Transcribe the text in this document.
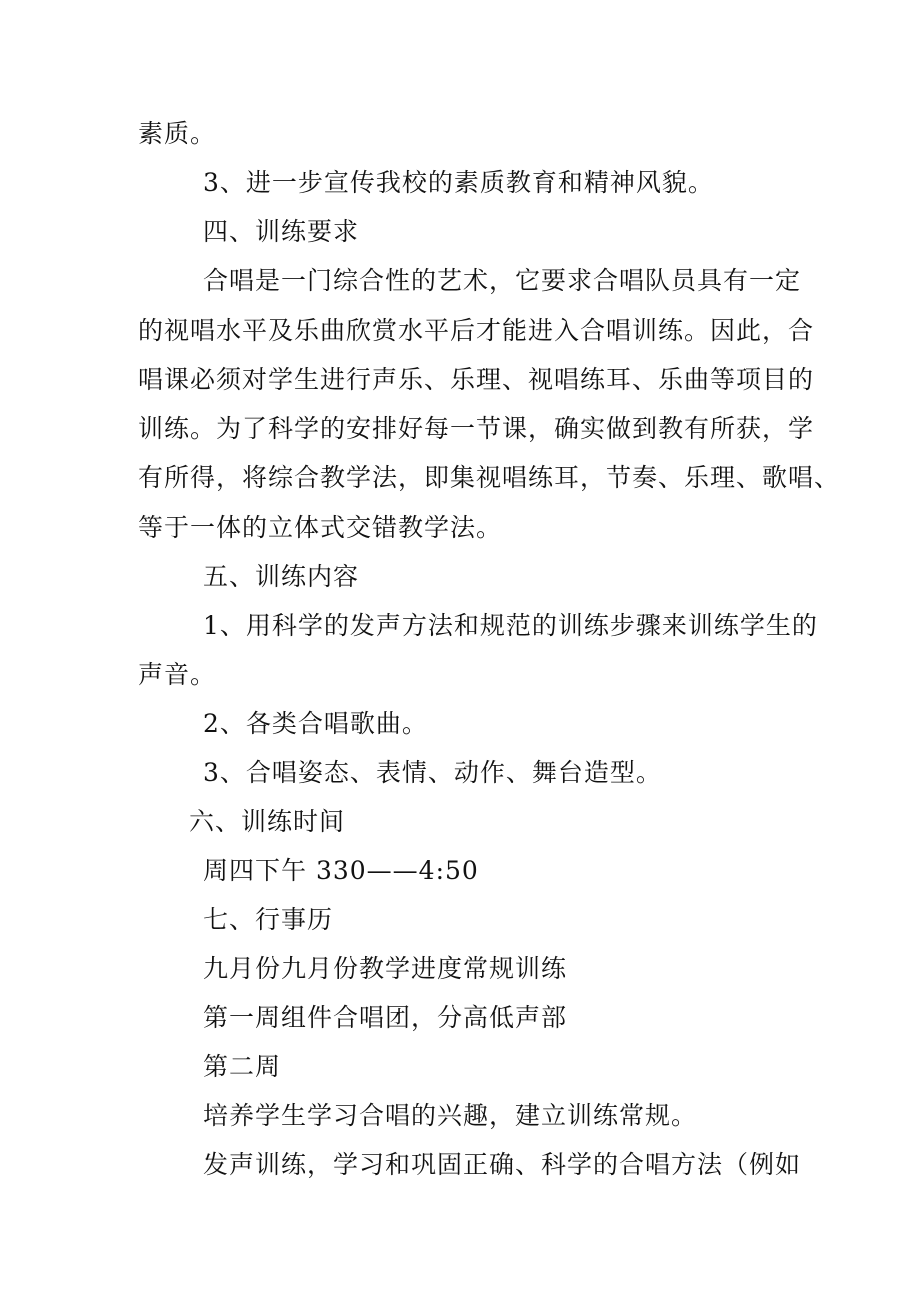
素质。
3、进一步宣传我校的素质教育和精神风貌。
四、训练要求
合唱是一门综合性的艺术，它要求合唱队员具有一定
的视唱水平及乐曲欣赏水平后才能进入合唱训练。因此，合
唱课必须对学生进行声乐、乐理、视唱练耳、乐曲等项目的
训练。为了科学的安排好每一节课，确实做到教有所获，学
有所得，将综合教学法，即集视唱练耳，节奏、乐理、歌唱、
等于一体的立体式交错教学法。
五、训练内容
1、用科学的发声方法和规范的训练步骤来训练学生的
声音。
2、各类合唱歌曲。
3、合唱姿态、表情、动作、舞台造型。
六、训练时间
周四下午 330——4:50
七、行事历
九月份九月份教学进度常规训练
第一周组件合唱团，分高低声部
第二周
培养学生学习合唱的兴趣，建立训练常规。
发声训练，学习和巩固正确、科学的合唱方法（例如
